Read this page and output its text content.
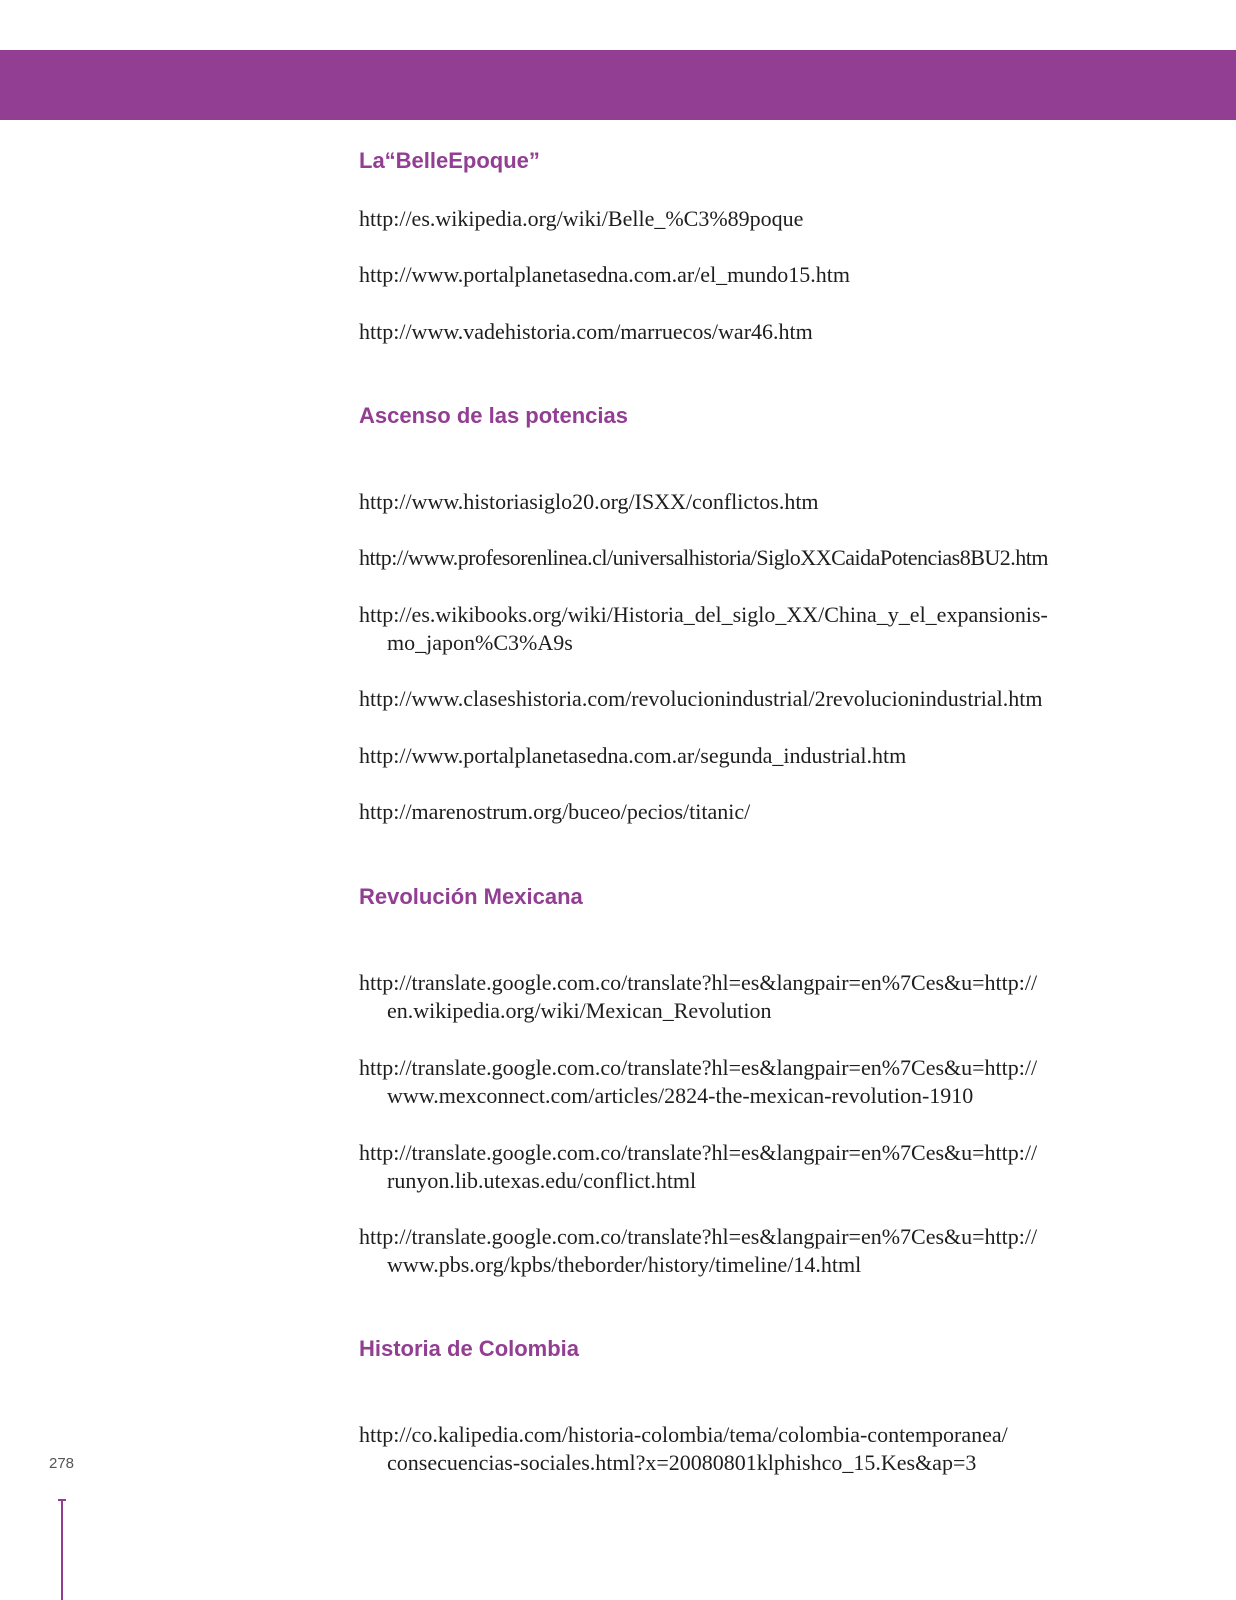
La“BelleEpoque”

http://es.wikipedia.org/wiki/Belle_%C3%89poque

http://www.portalplanetasedna.com.ar/el_mundo15.htm

http://www.vadehistoria.com/marruecos/war46.htm

Ascenso de las potencias

http://www.historiasiglo20.org/ISXX/conflictos.htm

http://www.profesorenlinea.cl/universalhistoria/SigloXXCaidaPotencias8BU2.htm

http://es.wikibooks.org/wiki/Historia_del_siglo_XX/China_y_el_expansionis-
mo_japon%C3%A9s

http://www.claseshistoria.com/revolucionindustrial/2revolucionindustrial.htm

http://www.portalplanetasedna.com.ar/segunda_industrial.htm

http://marenostrum.org/buceo/pecios/titanic/

Revolución Mexicana

http://translate.google.com.co/translate?hl=es&langpair=en%7Ces&u=http://
en.wikipedia.org/wiki/Mexican_Revolution

http://translate.google.com.co/translate?hl=es&langpair=en%7Ces&u=http://
www.mexconnect.com/articles/2824-the-mexican-revolution-1910

http://translate.google.com.co/translate?hl=es&langpair=en%7Ces&u=http://
runyon.lib.utexas.edu/conflict.html

http://translate.google.com.co/translate?hl=es&langpair=en%7Ces&u=http://
www.pbs.org/kpbs/theborder/history/timeline/14.html

Historia de Colombia

http://co.kalipedia.com/historia-colombia/tema/colombia-contemporanea/
consecuencias-sociales.html?x=20080801klphishco_15.Kes&ap=3

278
